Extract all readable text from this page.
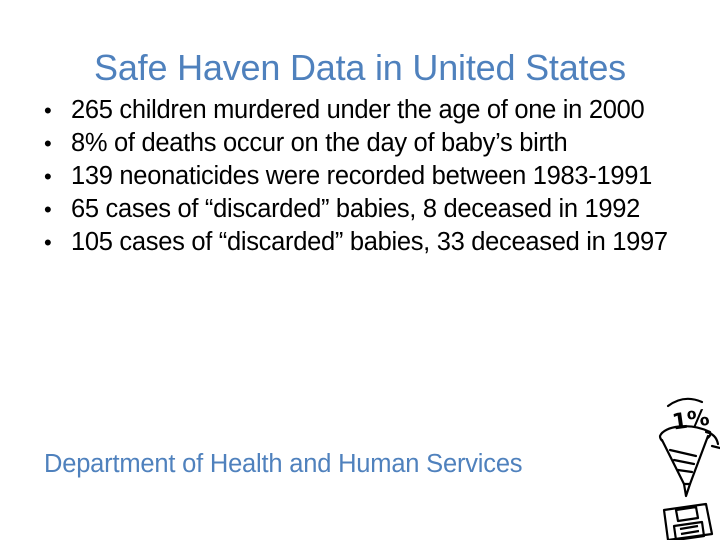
Safe Haven Data in United States
• 265 children murdered under the age of one in 2000
• 8% of deaths occur on the day of baby’s birth
• 139 neonaticides were recorded between 1983-1991
• 65 cases of “discarded” babies, 8 deceased in 1992
• 105 cases of “discarded” babies, 33 deceased in 1997
Department of Health and Human Services
1%
